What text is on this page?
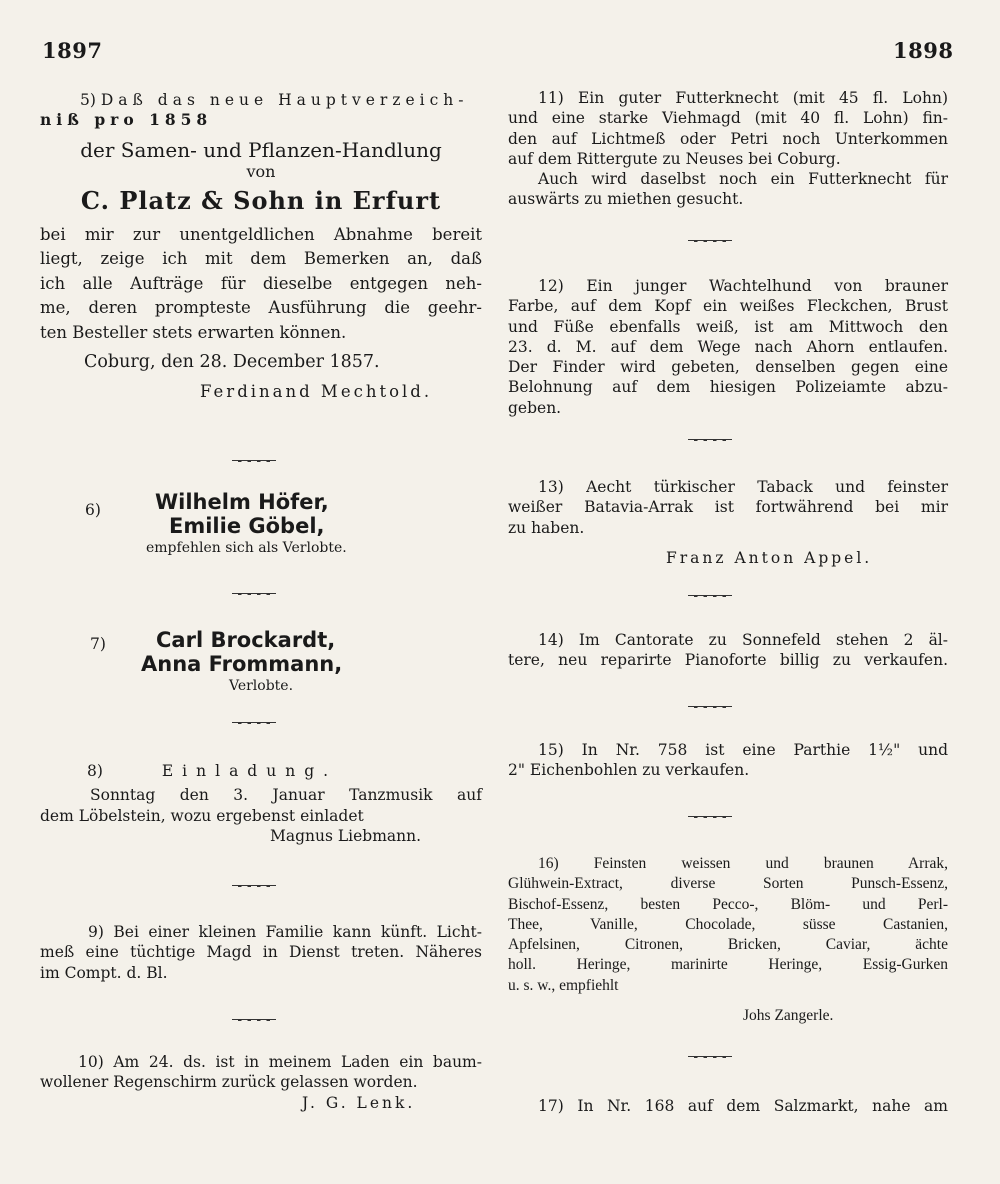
1897	1898
5) Daß das neue Hauptverzeich-
niß pro 1858
der Samen- und Pflanzen-Handlung
von
C. Platz & Sohn in Erfurt
bei mir zur unentgeldlichen Abnahme bereit
liegt, zeige ich mit dem Bemerken an, daß
ich alle Aufträge für dieselbe entgegen neh-
me, deren prompteste Ausführung die geehr-
ten Besteller stets erwarten können.
Coburg, den 28. December 1857.
Ferdinand Mechtold.
6)	Wilhelm Höfer,
Emilie Göbel,
empfehlen sich als Verlobte.
7)	Carl Brockardt,
Anna Frommann,
Verlobte.
8)	Einladung.
Sonntag den 3. Januar Tanzmusik auf
dem Löbelstein, wozu ergebenst einladet
Magnus Liebmann.
9) Bei einer kleinen Familie kann künft. Licht-
meß eine tüchtige Magd in Dienst treten. Näheres
im Compt. d. Bl.
10) Am 24. ds. ist in meinem Laden ein baum-
wollener Regenschirm zurück gelassen worden.
J. G. Lenk.
11) Ein guter Futterknecht (mit 45 fl. Lohn)
und eine starke Viehmagd (mit 40 fl. Lohn) fin-
den auf Lichtmeß oder Petri noch Unterkommen
auf dem Rittergute zu Neuses bei Coburg.
Auch wird daselbst noch ein Futterknecht für
auswärts zu miethen gesucht.
12) Ein junger Wachtelhund von brauner
Farbe, auf dem Kopf ein weißes Fleckchen, Brust
und Füße ebenfalls weiß, ist am Mittwoch den
23. d. M. auf dem Wege nach Ahorn entlaufen.
Der Finder wird gebeten, denselben gegen eine
Belohnung auf dem hiesigen Polizeiamte abzu-
geben.
13) Aecht türkischer Taback und feinster
weißer Batavia-Arrak ist fortwährend bei mir
zu haben.
Franz Anton Appel.
14) Im Cantorate zu Sonnefeld stehen 2 äl-
tere, neu reparirte Pianoforte billig zu verkaufen.
15) In Nr. 758 ist eine Parthie 1½" und
2" Eichenbohlen zu verkaufen.
16) Feinsten weissen und braunen Arrak,
Glühwein-Extract, diverse Sorten Punsch-Essenz,
Bischof-Essenz, besten Pecco-, Blöm- und Perl-
Thee, Vanille, Chocolade, süsse Castanien,
Apfelsinen, Citronen, Bricken, Caviar, ächte
holl. Heringe, marinirte Heringe, Essig-Gurken
u. s. w., empfiehlt
Johs Zangerle.
17) In Nr. 168 auf dem Salzmarkt, nahe am
